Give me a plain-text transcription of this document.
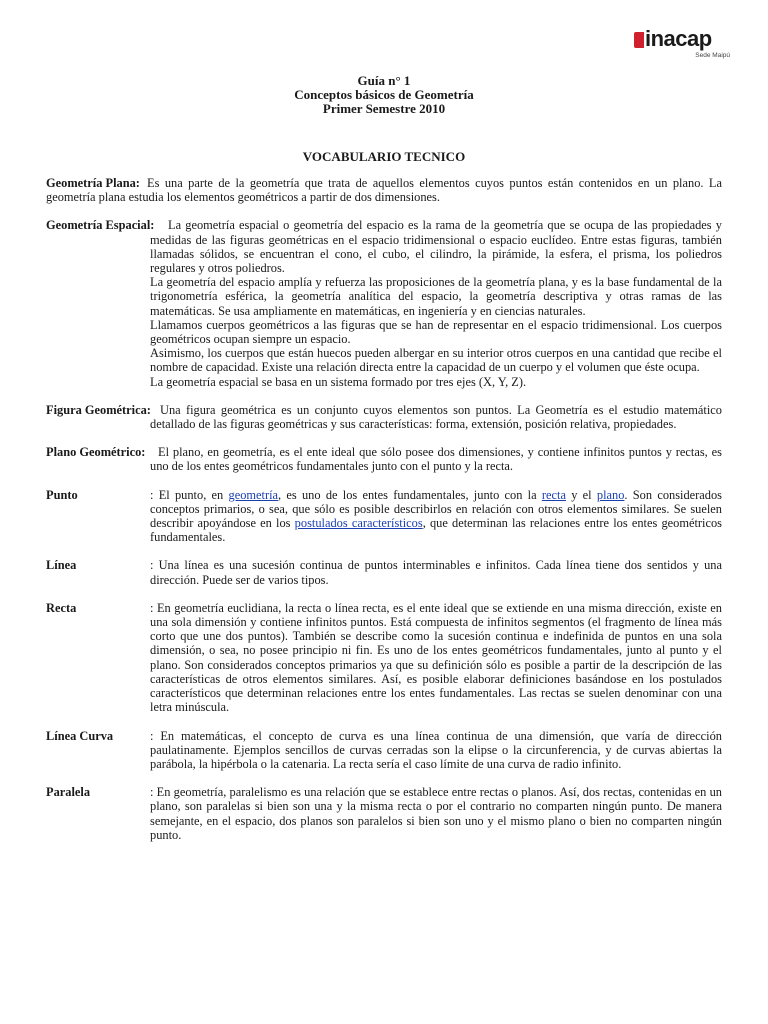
inacap
Sede Maipú
Guía n° 1
Conceptos básicos de Geometría
Primer Semestre 2010
VOCABULARIO TECNICO
Geometría Plana: Es una parte de la geometría que trata de aquellos elementos cuyos puntos están contenidos en un plano. La geometría plana estudia los elementos geométricos a partir de dos dimensiones.

Geometría Espacial:	La geometría espacial o geometría del espacio es la rama de la geometría que se ocupa de las propiedades y medidas de las figuras geométricas en el espacio tridimensional o espacio euclídeo. Entre estas figuras, también llamadas sólidos, se encuentran el cono, el cubo, el cilindro, la pirámide, la esfera, el prisma, los poliedros regulares y otros poliedros.

La geometría del espacio amplía y refuerza las proposiciones de la geometría plana, y es la base fundamental de la trigonometría esférica, la geometría analítica del espacio, la geometría descriptiva y otras ramas de las matemáticas. Se usa ampliamente en matemáticas, en ingeniería y en ciencias naturales.

Llamamos cuerpos geométricos a las figuras que se han de representar en el espacio tridimensional. Los cuerpos geométricos ocupan siempre un espacio.

Asimismo, los cuerpos que están huecos pueden albergar en su interior otros cuerpos en una cantidad que recibe el nombre de capacidad. Existe una relación directa entre la capacidad de un cuerpo y el volumen que éste ocupa.

La geometría espacial se basa en un sistema formado por tres ejes (X, Y, Z).

Figura Geométrica: Una figura geométrica es un conjunto cuyos elementos son puntos. La Geometría es el estudio matemático detallado de las figuras geométricas y sus características: forma, extensión, posición relativa, propiedades.

Plano Geométrico:	El plano, en geometría, es el ente ideal que sólo posee dos dimensiones, y contiene infinitos puntos y rectas, es uno de los entes geométricos fundamentales junto con el punto y la recta.

Punto	: El punto, en geometría, es uno de los entes fundamentales, junto con la recta y el plano. Son considerados conceptos primarios, o sea, que sólo es posible describirlos en relación con otros elementos similares. Se suelen describir apoyándose en los postulados característicos, que determinan las relaciones entre los entes geométricos fundamentales.

Línea	: Una línea es una sucesión continua de puntos interminables e infinitos. Cada línea tiene dos sentidos y una dirección. Puede ser de varios tipos.

Recta	: En geometría euclidiana, la recta o línea recta, es el ente ideal que se extiende en una misma dirección, existe en una sola dimensión y contiene infinitos puntos. Está compuesta de infinitos segmentos (el fragmento de línea más corto que une dos puntos). También se describe como la sucesión continua e indefinida de puntos en una sola dimensión, o sea, no posee principio ni fin. Es uno de los entes geométricos fundamentales, junto al punto y el plano. Son considerados conceptos primarios ya que su definición sólo es posible a partir de la descripción de las características de otros elementos similares. Así, es posible elaborar definiciones basándose en los postulados característicos que determinan relaciones entre los entes fundamentales. Las rectas se suelen denominar con una letra minúscula.

Línea Curva	: En matemáticas, el concepto de curva es una línea continua de una dimensión, que varía de dirección paulatinamente. Ejemplos sencillos de curvas cerradas son la elipse o la circunferencia, y de curvas abiertas la parábola, la hipérbola o la catenaria. La recta sería el caso límite de una curva de radio infinito.

Paralela	: En geometría, paralelismo es una relación que se establece entre rectas o planos. Así, dos rectas, contenidas en un plano, son paralelas si bien son una y la misma recta o por el contrario no comparten ningún punto. De manera semejante, en el espacio, dos planos son paralelos si bien son uno y el mismo plano o bien no comparten ningún punto.
